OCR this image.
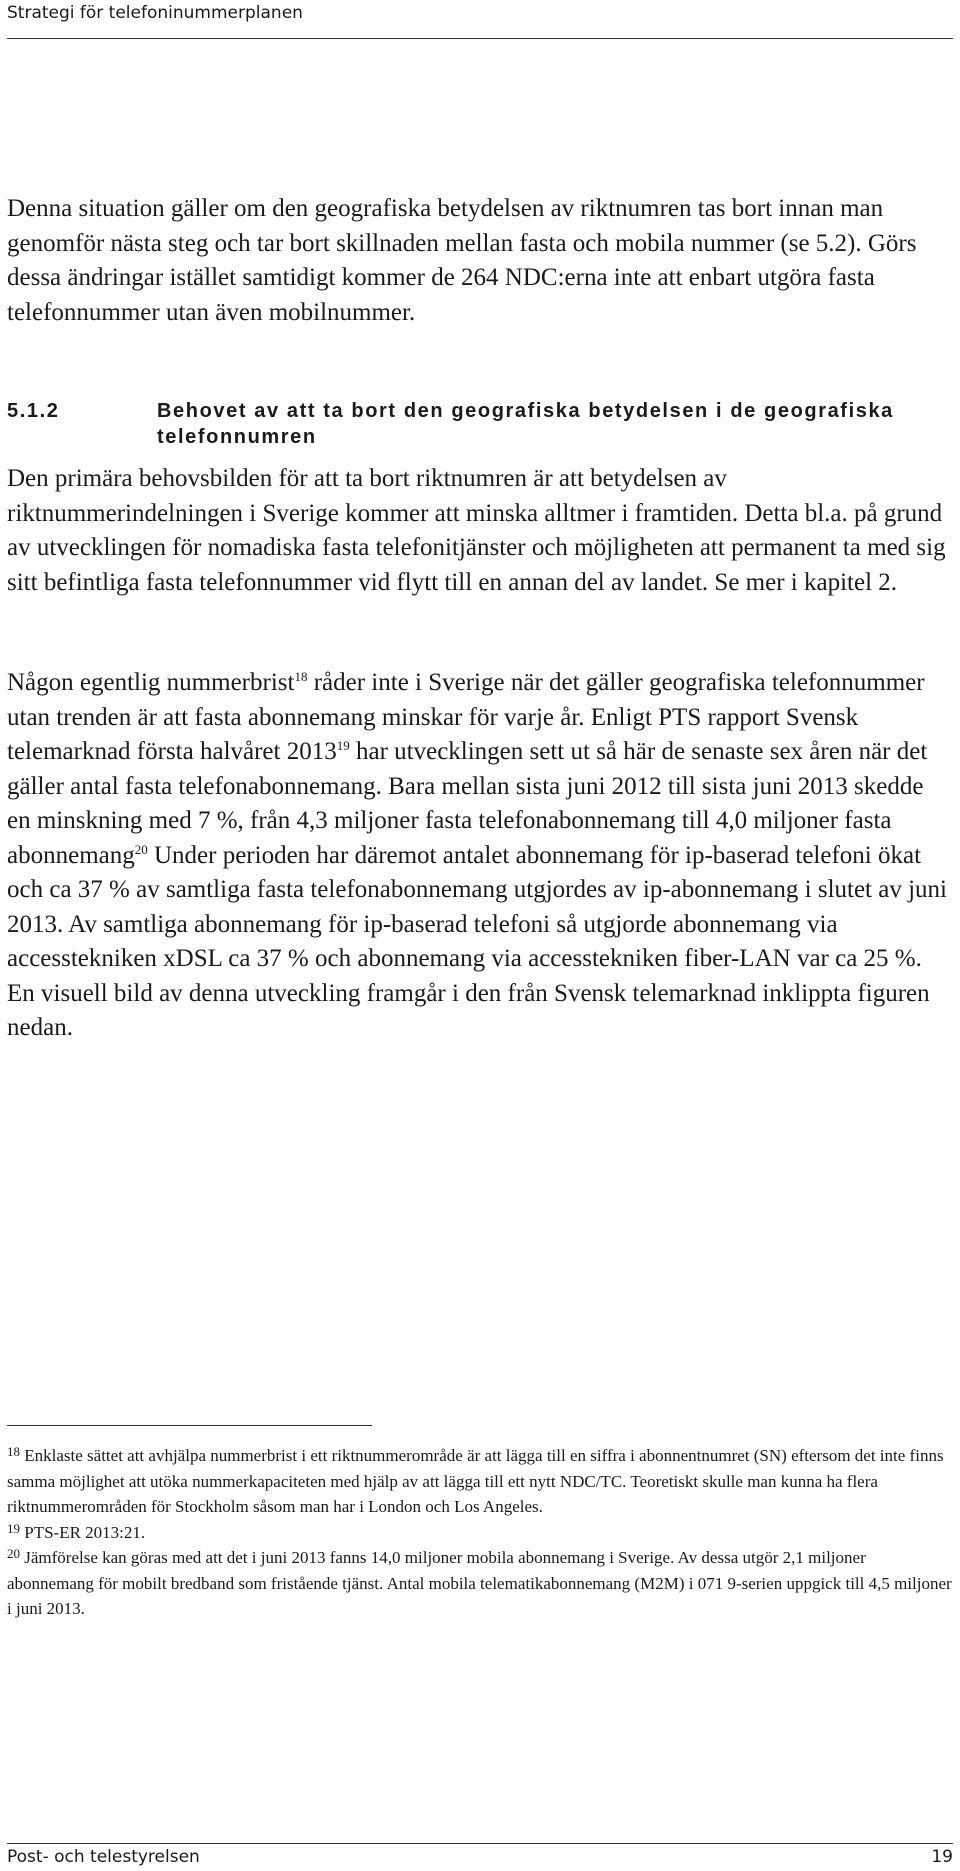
Strategi för telefoninummerplanen

Denna situation gäller om den geografiska betydelsen av riktnumren tas bort innan man genomför nästa steg och tar bort skillnaden mellan fasta och mobila nummer (se 5.2). Görs dessa ändringar istället samtidigt kommer de 264 NDC:erna inte att enbart utgöra fasta telefonnummer utan även mobilnummer.

5.1.2	Behovet av att ta bort den geografiska betydelsen i de geografiska telefonnumren

Den primära behovsbilden för att ta bort riktnumren är att betydelsen av riktnummerindelningen i Sverige kommer att minska alltmer i framtiden. Detta bl.a. på grund av utvecklingen för nomadiska fasta telefonitjänster och möjligheten att permanent ta med sig sitt befintliga fasta telefonnummer vid flytt till en annan del av landet. Se mer i kapitel 2.

Någon egentlig nummerbrist$^{18}$ råder inte i Sverige när det gäller geografiska telefonnummer utan trenden är att fasta abonnemang minskar för varje år. Enligt PTS rapport Svensk telemarknad första halvåret 2013$^{19}$ har utvecklingen sett ut så här de senaste sex åren när det gäller antal fasta telefonabonnemang. Bara mellan sista juni 2012 till sista juni 2013 skedde en minskning med 7 %, från 4,3 miljoner fasta telefonabonnemang till 4,0 miljoner fasta abonnemang$^{20}$ Under perioden har däremot antalet abonnemang för ip-baserad telefoni ökat och ca 37 % av samtliga fasta telefonabonnemang utgjordes av ip-abonnemang i slutet av juni 2013. Av samtliga abonnemang för ip-baserad telefoni så utgjorde abonnemang via accesstekniken xDSL ca 37 % och abonnemang via accesstekniken fiber-LAN var ca 25 %. En visuell bild av denna utveckling framgår i den från Svensk telemarknad inklippta figuren nedan.

$^{18}$ Enklaste sättet att avhjälpa nummerbrist i ett riktnummerområde är att lägga till en siffra i abonnentnumret (SN) eftersom det inte finns samma möjlighet att utöka nummerkapaciteten med hjälp av att lägga till ett nytt NDC/TC. Teoretiskt skulle man kunna ha flera riktnummerområden för Stockholm såsom man har i London och Los Angeles.

$^{19}$ PTS-ER 2013:21.

$^{20}$ Jämförelse kan göras med att det i juni 2013 fanns 14,0 miljoner mobila abonnemang i Sverige. Av dessa utgör 2,1 miljoner abonnemang för mobilt bredband som fristående tjänst. Antal mobila telematikabonnemang (M2M) i 071 9-serien uppgick till 4,5 miljoner i juni 2013.

Post- och telestyrelsen	19
